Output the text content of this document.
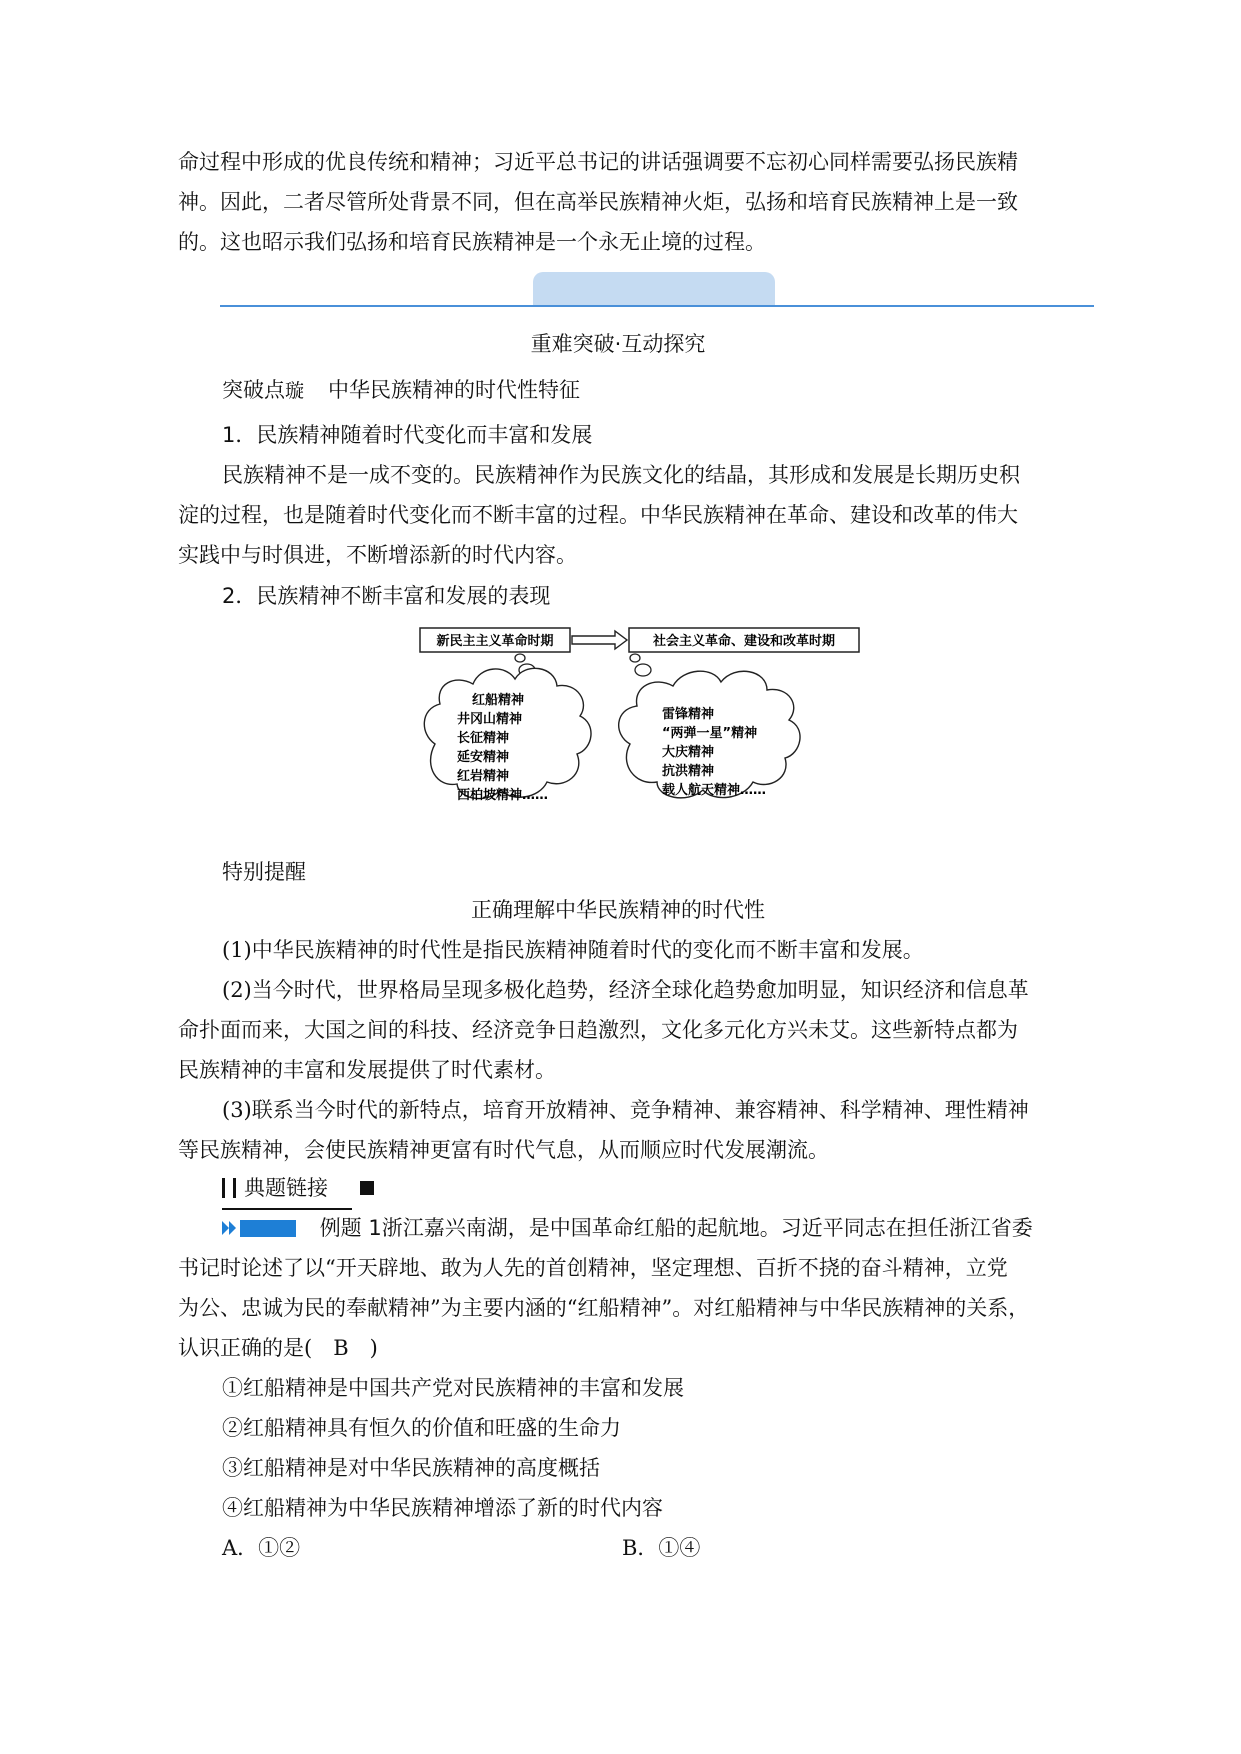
命过程中形成的优良传统和精神；习近平总书记的讲话强调要不忘初心同样需要弘扬民族精
神。因此，二者尽管所处背景不同，但在高举民族精神火炬，弘扬和培育民族精神上是一致
的。这也昭示我们弘扬和培育民族精神是一个永无止境的过程。
重难突破·互动探究
突破点璇 中华民族精神的时代性特征
1．民族精神随着时代变化而丰富和发展
民族精神不是一成不变的。民族精神作为民族文化的结晶，其形成和发展是长期历史积
淀的过程，也是随着时代变化而不断丰富的过程。中华民族精神在革命、建设和改革的伟大
实践中与时俱进，不断增添新的时代内容。
2．民族精神不断丰富和发展的表现
新民主主义革命时期	社会主义革命、建设和改革时期
红船精神
井冈山精神
长征精神
延安精神
红岩精神
西柏坡精神……
雷锋精神
“两弹一星”精神
大庆精神
抗洪精神
载人航天精神……
特别提醒
正确理解中华民族精神的时代性
(1)中华民族精神的时代性是指民族精神随着时代的变化而不断丰富和发展。
(2)当今时代，世界格局呈现多极化趋势，经济全球化趋势愈加明显，知识经济和信息革
命扑面而来，大国之间的科技、经济竞争日趋激烈，文化多元化方兴未艾。这些新特点都为
民族精神的丰富和发展提供了时代素材。
(3)联系当今时代的新特点，培育开放精神、竞争精神、兼容精神、科学精神、理性精神
等民族精神，会使民族精神更富有时代气息，从而顺应时代发展潮流。
典题链接
例题 1浙江嘉兴南湖，是中国革命红船的起航地。习近平同志在担任浙江省委
书记时论述了以“开天辟地、敢为人先的首创精神，坚定理想、百折不挠的奋斗精神，立党
为公、忠诚为民的奉献精神”为主要内涵的“红船精神”。对红船精神与中华民族精神的关系，
认识正确的是(　B　)
①红船精神是中国共产党对民族精神的丰富和发展
②红船精神具有恒久的价值和旺盛的生命力
③红船精神是对中华民族精神的高度概括
④红船精神为中华民族精神增添了新的时代内容
A．①②	B．①④
